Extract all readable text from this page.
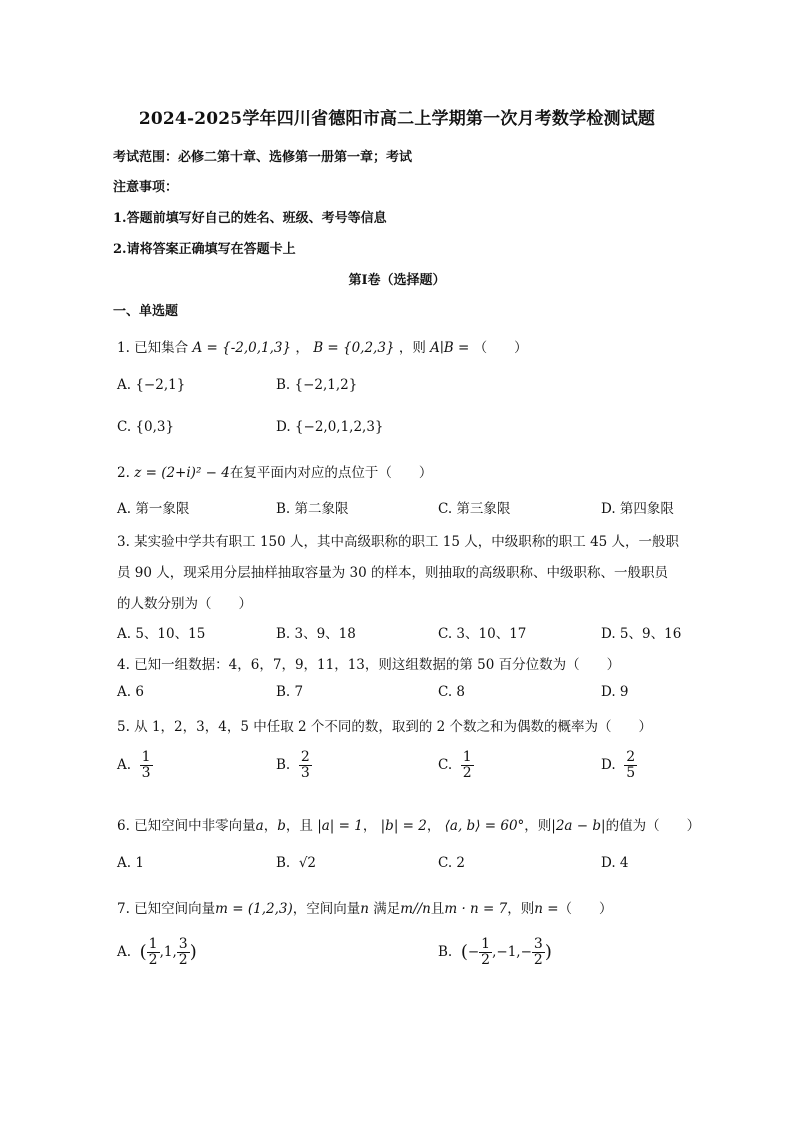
2024-2025学年四川省德阳市高二上学期第一次月考数学检测试题
考试范围：必修二第十章、选修第一册第一章；考试
注意事项：
1.答题前填写好自己的姓名、班级、考号等信息
2.请将答案正确填写在答题卡上
第Ⅰ卷（选择题）
一、单选题
1. 已知集合 A = {-2,0,1,3} ， B = {0,2,3} ，则 A∣B = （　　）
A. {−2,1}	B. {−2,1,2}
C. {0,3}	D. {−2,0,1,2,3}
2. z = (2+i)² − 4在复平面内对应的点位于（　　）
A. 第一象限	B. 第二象限	C. 第三象限	D. 第四象限
3. 某实验中学共有职工 150 人，其中高级职称的职工 15 人，中级职称的职工 45 人，一般职
员 90 人，现采用分层抽样抽取容量为 30 的样本，则抽取的高级职称、中级职称、一般职员
的人数分别为（　　）
A. 5、10、15	B. 3、9、18	C. 3、10、17	D. 5、9、16
4. 已知一组数据：4，6，7，9，11，13，则这组数据的第 50 百分位数为（　　）
A. 6	B. 7	C. 8	D. 9
5. 从 1，2，3，4，5 中任取 2 个不同的数，取到的 2 个数之和为偶数的概率为（　　）
A. $\frac{1}{3}$	B. $\frac{2}{3}$	C. $\frac{1}{2}$	D. $\frac{2}{5}$
6. 已知空间中非零向量a，b，且 |a| = 1， |b| = 2， ⟨a, b⟩ = 60°，则|2a − b|的值为（　　）
A. 1	B. √2	C. 2	D. 4
7. 已知空间向量m = (1,2,3)，空间向量n 满足m//n且m · n = 7，则n =（　　）
A. ( $\frac{1}{2} ,1$, $\frac{3}{2}$ )	B. (− $\frac{1}{2} ,-1,- \frac{3}{2}$ )
